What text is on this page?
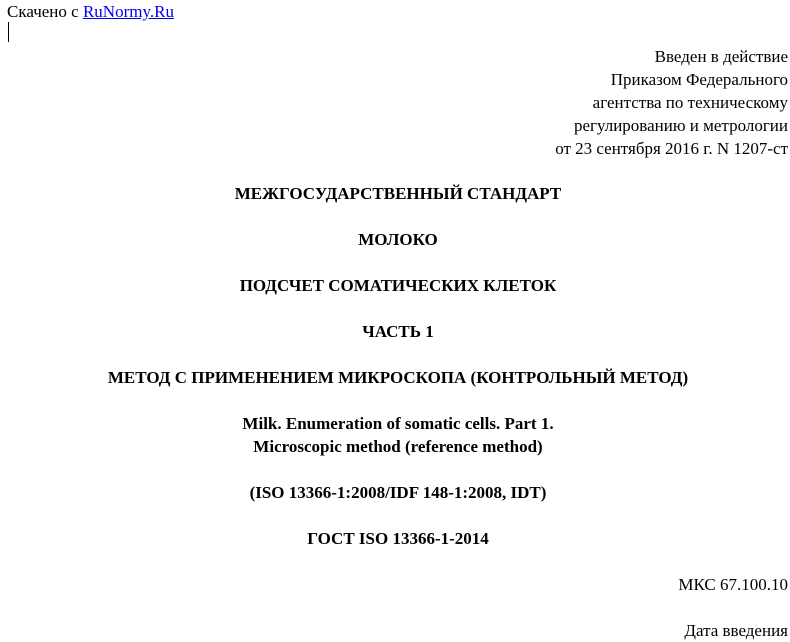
Скачено с RuNormy.Ru
Введен в действие
Приказом Федерального
агентства по техническому
регулированию и метрологии
от 23 сентября 2016 г. N 1207-ст
МЕЖГОСУДАРСТВЕННЫЙ СТАНДАРТ
МОЛОКО
ПОДСЧЕТ СОМАТИЧЕСКИХ КЛЕТОК
ЧАСТЬ 1
МЕТОД С ПРИМЕНЕНИЕМ МИКРОСКОПА (КОНТРОЛЬНЫЙ МЕТОД)
Milk. Enumeration of somatic cells. Part 1.
Microscopic method (reference method)
(ISO 13366-1:2008/IDF 148-1:2008, IDT)
ГОСТ ISO 13366-1-2014
МКС 67.100.10
Дата введения
